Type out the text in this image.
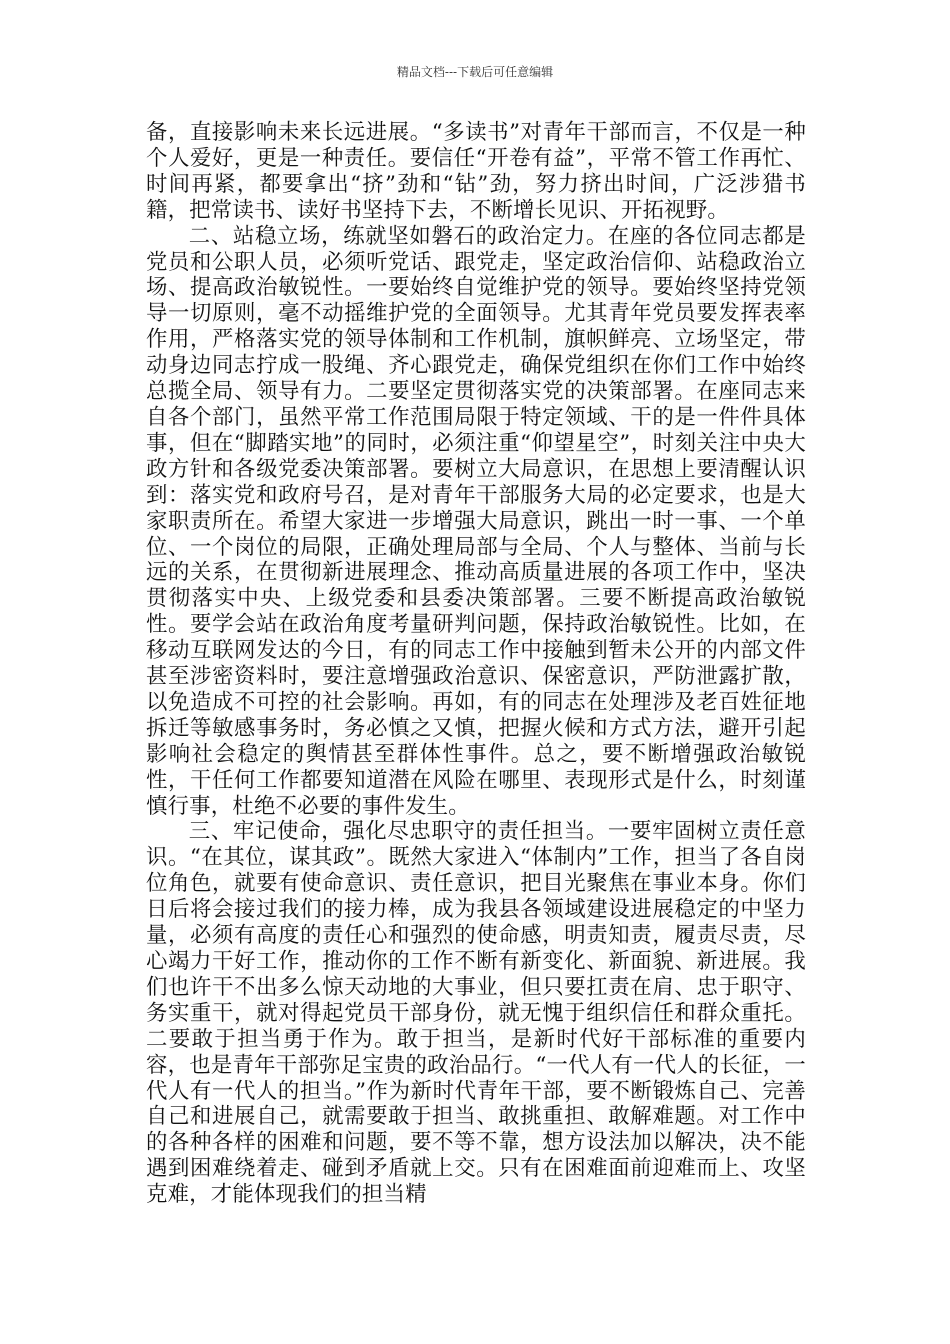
精品文档---下载后可任意编辑

备，直接影响未来长远进展。“多读书”对青年干部而言，不仅是一种个人爱好，更是一种责任。要信任“开卷有益”，平常不管工作再忙、时间再紧，都要拿出“挤”劲和“钻”劲，努力挤出时间，广泛涉猎书籍，把常读书、读好书坚持下去，不断增长见识、开拓视野。

二、站稳立场，练就坚如磐石的政治定力。在座的各位同志都是党员和公职人员，必须听党话、跟党走，坚定政治信仰、站稳政治立场、提高政治敏锐性。一要始终自觉维护党的领导。要始终坚持党领导一切原则，毫不动摇维护党的全面领导。尤其青年党员要发挥表率作用，严格落实党的领导体制和工作机制，旗帜鲜亮、立场坚定，带动身边同志拧成一股绳、齐心跟党走，确保党组织在你们工作中始终总揽全局、领导有力。二要坚定贯彻落实党的决策部署。在座同志来自各个部门，虽然平常工作范围局限于特定领域、干的是一件件具体事，但在“脚踏实地”的同时，必须注重“仰望星空”，时刻关注中央大政方针和各级党委决策部署。要树立大局意识，在思想上要清醒认识到：落实党和政府号召，是对青年干部服务大局的必定要求，也是大家职责所在。希望大家进一步增强大局意识，跳出一时一事、一个单位、一个岗位的局限，正确处理局部与全局、个人与整体、当前与长远的关系，在贯彻新进展理念、推动高质量进展的各项工作中，坚决贯彻落实中央、上级党委和县委决策部署。三要不断提高政治敏锐性。要学会站在政治角度考量研判问题，保持政治敏锐性。比如，在移动互联网发达的今日，有的同志工作中接触到暂未公开的内部文件甚至涉密资料时，要注意增强政治意识、保密意识，严防泄露扩散，以免造成不可控的社会影响。再如，有的同志在处理涉及老百姓征地拆迁等敏感事务时，务必慎之又慎，把握火候和方式方法，避开引起影响社会稳定的舆情甚至群体性事件。总之，要不断增强政治敏锐性，干任何工作都要知道潜在风险在哪里、表现形式是什么，时刻谨慎行事，杜绝不必要的事件发生。

三、牢记使命，强化尽忠职守的责任担当。一要牢固树立责任意识。“在其位，谋其政”。既然大家进入“体制内”工作，担当了各自岗位角色，就要有使命意识、责任意识，把目光聚焦在事业本身。你们日后将会接过我们的接力棒，成为我县各领域建设进展稳定的中坚力量，必须有高度的责任心和强烈的使命感，明责知责，履责尽责，尽心竭力干好工作，推动你的工作不断有新变化、新面貌、新进展。我们也许干不出多么惊天动地的大事业，但只要扛责在肩、忠于职守、务实重干，就对得起党员干部身份，就无愧于组织信任和群众重托。二要敢于担当勇于作为。敢于担当，是新时代好干部标准的重要内容，也是青年干部弥足宝贵的政治品行。“一代人有一代人的长征，一代人有一代人的担当。”作为新时代青年干部，要不断锻炼自己、完善自己和进展自己，就需要敢于担当、敢挑重担、敢解难题。对工作中的各种各样的困难和问题，要不等不靠，想方设法加以解决，决不能遇到困难绕着走、碰到矛盾就上交。只有在困难面前迎难而上、攻坚克难，才能体现我们的担当精
